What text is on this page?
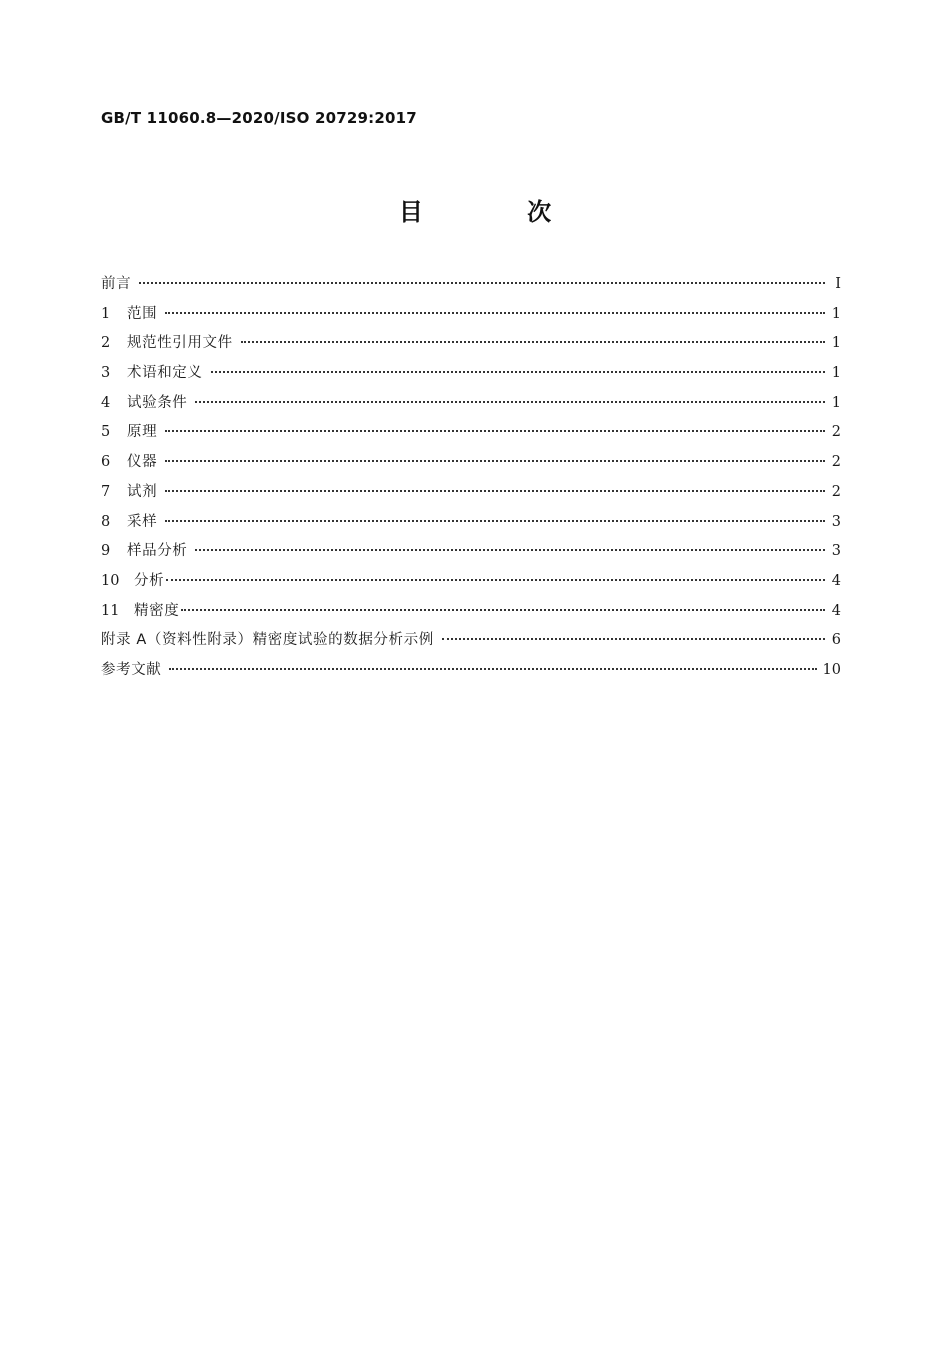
GB/T 11060.8—2020/ISO 20729:2017
目 次
前言	Ⅰ
1	范围	1
2	规范性引用文件	1
3	术语和定义	1
4	试验条件	1
5	原理	2
6	仪器	2
7	试剂	2
8	采样	3
9	样品分析	3
10	分析	4
11	精密度	4
附录 A（资料性附录）精密度试验的数据分析示例	6
参考文献	10
